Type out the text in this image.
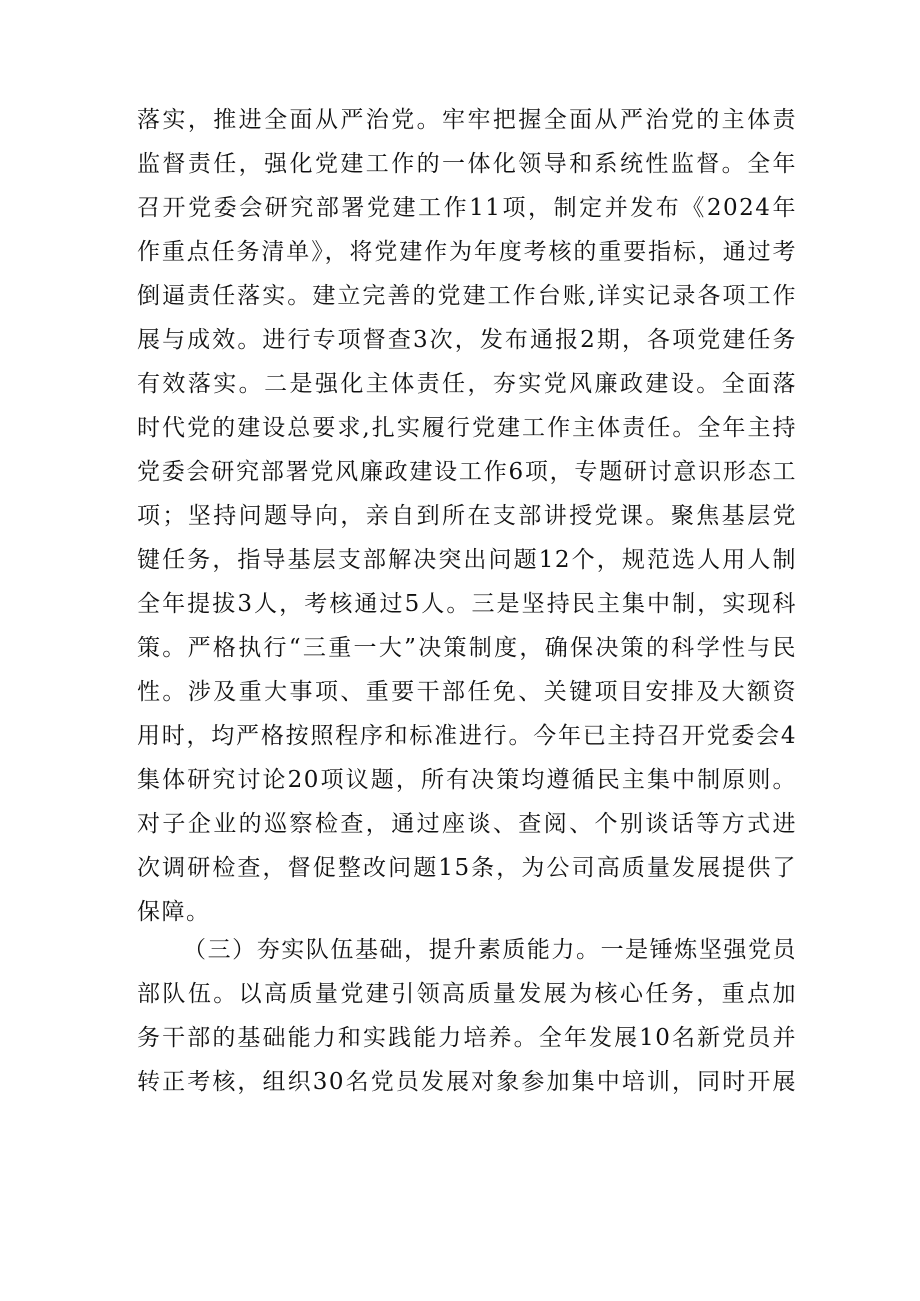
落实，推进全面从严治党。牢牢把握全面从严治党的主体责
监督责任，强化党建工作的一体化领导和系统性监督。全年
召开党委会研究部署党建工作11项，制定并发布《2024年
作重点任务清单》，将党建作为年度考核的重要指标，通过考
倒逼责任落实。建立完善的党建工作台账,详实记录各项工作
展与成效。进行专项督查3次，发布通报2期，各项党建任务
有效落实。二是强化主体责任，夯实党风廉政建设。全面落
时代党的建设总要求,扎实履行党建工作主体责任。全年主持
党委会研究部署党风廉政建设工作6项，专题研讨意识形态工
项；坚持问题导向，亲自到所在支部讲授党课。聚焦基层党
键任务，指导基层支部解决突出问题12个，规范选人用人制
全年提拔3人，考核通过5人。三是坚持民主集中制，实现科
策。严格执行“三重一大”决策制度，确保决策的科学性与民
性。涉及重大事项、重要干部任免、关键项目安排及大额资
用时，均严格按照程序和标准进行。今年已主持召开党委会4
集体研究讨论20项议题，所有决策均遵循民主集中制原则。
对子企业的巡察检查，通过座谈、查阅、个别谈话等方式进
次调研检查，督促整改问题15条，为公司高质量发展提供了
保障。
（三）夯实队伍基础，提升素质能力。一是锤炼坚强党员
部队伍。以高质量党建引领高质量发展为核心任务，重点加
务干部的基础能力和实践能力培养。全年发展10名新党员并
转正考核，组织30名党员发展对象参加集中培训，同时开展
